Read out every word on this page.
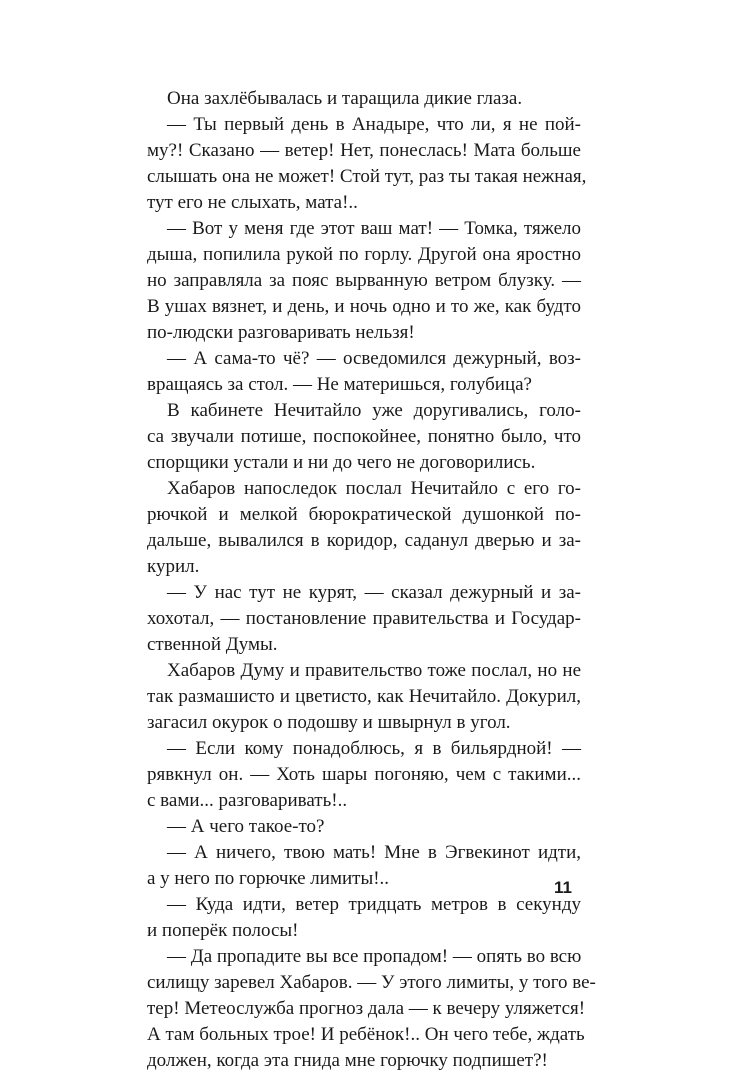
Она захлёбывалась и таращила дикие глаза.
— Ты первый день в Анадыре, что ли, я не пой-
му?! Сказано — ветер! Нет, понеслась! Мата больше
слышать она не может! Стой тут, раз ты такая нежная,
тут его не слыхать, мата!..
— Вот у меня где этот ваш мат! — Томка, тяжело
дыша, попилила рукой по горлу. Другой она яростно
но заправляла за пояс вырванную ветром блузку. —
В ушах вязнет, и день, и ночь одно и то же, как будто
по-людски разговаривать нельзя!
— А сама-то чё? — осведомился дежурный, воз-
вращаясь за стол. — Не материшься, голубица?
В кабинете Нечитайло уже доругивались, голо-
са звучали потише, поспокойнее, понятно было, что
спорщики устали и ни до чего не договорились.
Хабаров напоследок послал Нечитайло с его го-
рючкой и мелкой бюрократической душонкой по-
дальше, вывалился в коридор, саданул дверью и за-
курил.
— У нас тут не курят, — сказал дежурный и за-
хохотал, — постановление правительства и Государ-
ственной Думы.
Хабаров Думу и правительство тоже послал, но не
так размашисто и цветисто, как Нечитайло. Докурил,
загасил окурок о подошву и швырнул в угол.
— Если кому понадоблюсь, я в бильярдной! —
рявкнул он. — Хоть шары погоняю, чем с такими...
с вами... разговаривать!..
— А чего такое-то?
— А ничего, твою мать! Мне в Эгвекинот идти,
а у него по горючке лимиты!..
— Куда идти, ветер тридцать метров в секунду
и поперёк полосы!
— Да пропадите вы все пропадом! — опять во всю
силищу заревел Хабаров. — У этого лимиты, у того ве-
тер! Метеослужба прогноз дала — к вечеру уляжется!
А там больных трое! И ребёнок!.. Он чего тебе, ждать
должен, когда эта гнида мне горючку подпишет?!
11
